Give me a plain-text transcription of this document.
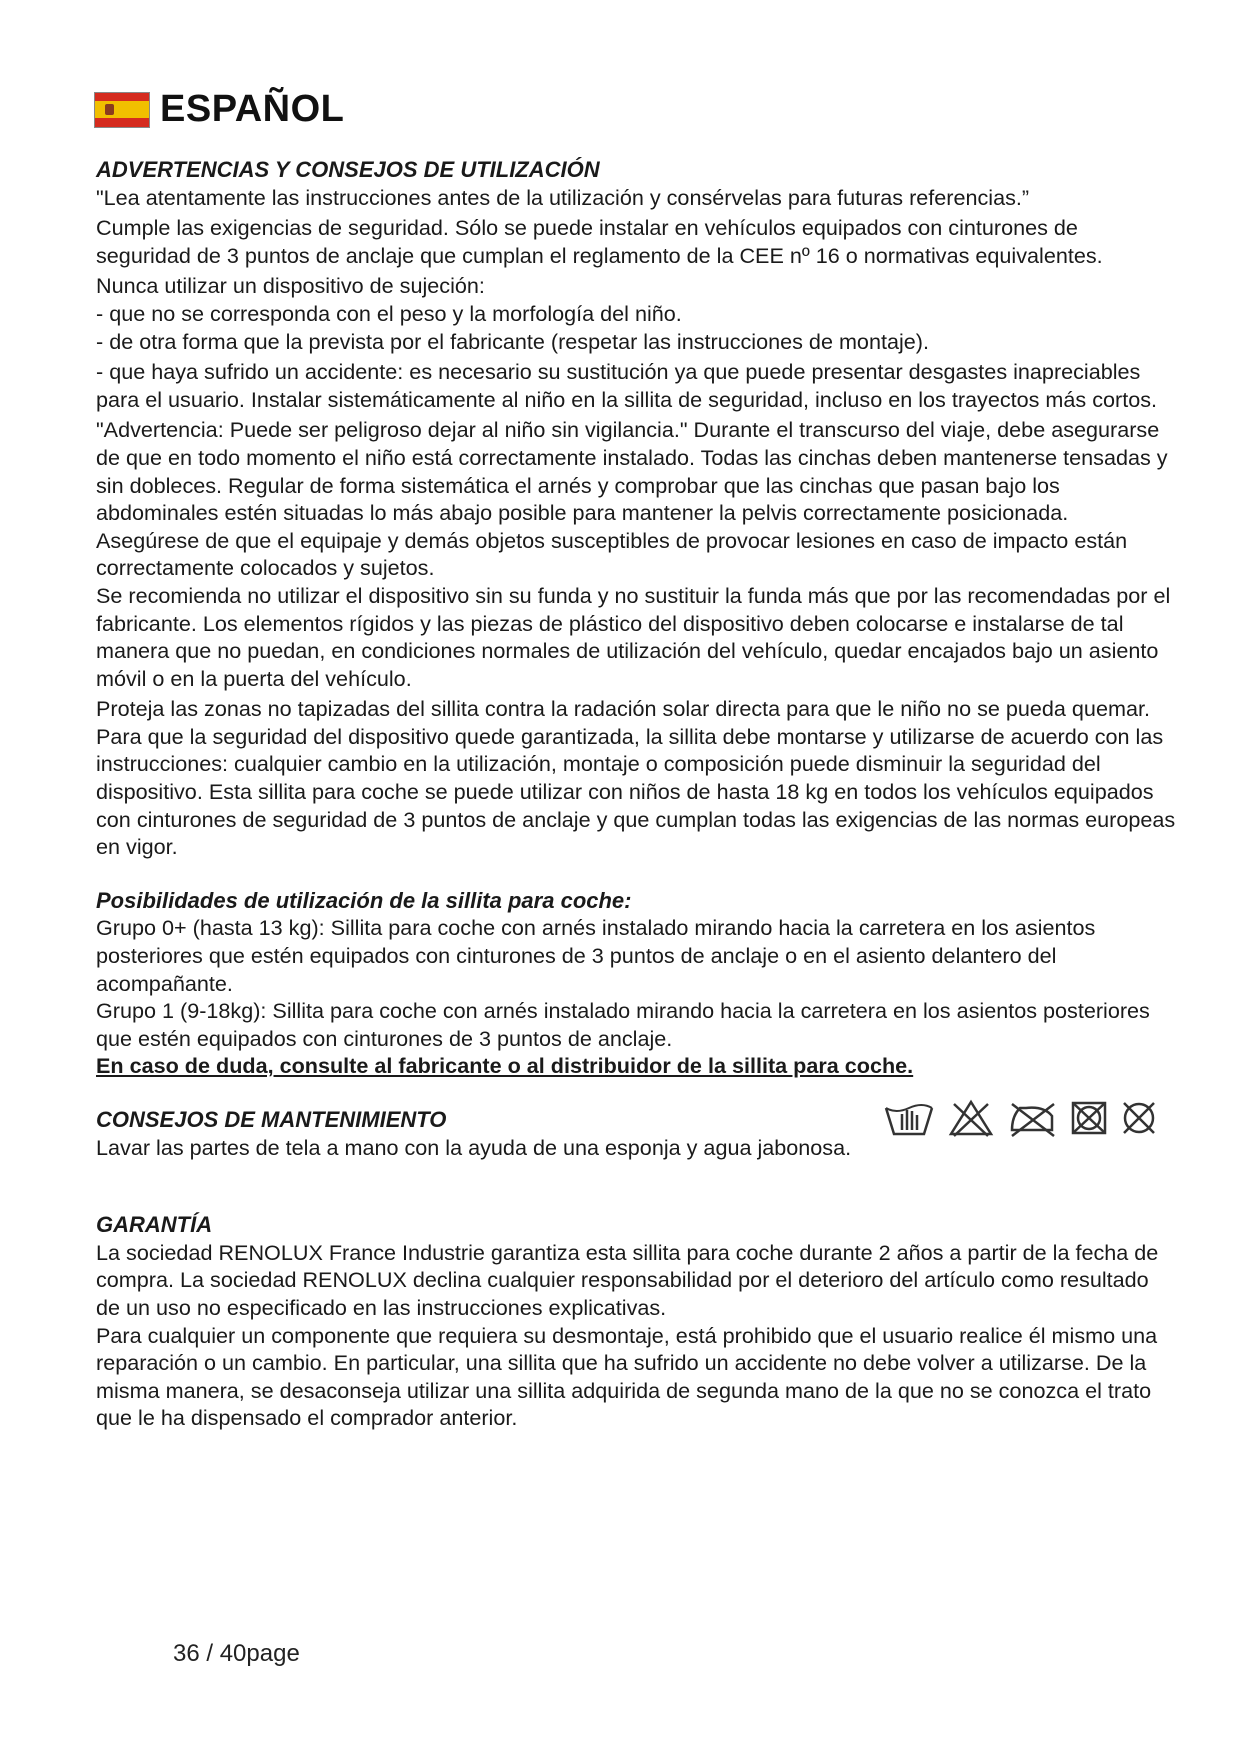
ESPAÑOL
ADVERTENCIAS Y CONSEJOS DE UTILIZACIÓN

"Lea atentamente las instrucciones antes de la utilización y consérvelas para futuras referencias.”

Cumple las exigencias de seguridad. Sólo se puede instalar en vehículos equipados con cinturones de seguridad de 3 puntos de anclaje que cumplan el reglamento de la CEE nº 16 o normativas equivalentes.

Nunca utilizar un dispositivo de sujeción:

- que no se corresponda con el peso y la morfología del niño.

- de otra forma que la prevista por el fabricante (respetar las instrucciones de montaje).

- que haya sufrido un accidente: es necesario su sustitución ya que puede presentar desgastes inapreciables para el usuario. Instalar sistemáticamente al niño en la sillita de seguridad, incluso en los trayectos más cortos.

"Advertencia: Puede ser peligroso dejar al niño sin vigilancia." Durante el transcurso del viaje, debe asegurarse de que en todo momento el niño está correctamente instalado. Todas las cinchas deben mantenerse tensadas y sin dobleces. Regular de forma sistemática el arnés y comprobar que las cinchas que pasan bajo los abdominales estén situadas lo más abajo posible para mantener la pelvis correctamente posicionada. Asegúrese de que el equipaje y demás objetos susceptibles de provocar lesiones en caso de impacto están correctamente colocados y sujetos.

Se recomienda no utilizar el dispositivo sin su funda y no sustituir la funda más que por las recomendadas por el fabricante. Los elementos rígidos y las piezas de plástico del dispositivo deben colocarse e instalarse de tal manera que no puedan, en condiciones normales de utilización del vehículo, quedar encajados bajo un asiento móvil o en la puerta del vehículo.

Proteja las zonas no tapizadas del sillita contra la radación solar directa para que le niño no se pueda quemar. Para que la seguridad del dispositivo quede garantizada, la sillita debe montarse y utilizarse de acuerdo con las instrucciones: cualquier cambio en la utilización, montaje o composición puede disminuir la seguridad del dispositivo. Esta sillita para coche se puede utilizar con niños de hasta 18 kg en todos los vehículos equipados con cinturones de seguridad de 3 puntos de anclaje y que cumplan todas las exigencias de las normas europeas en vigor.

Posibilidades de utilización de la sillita para coche:

Grupo 0+ (hasta 13 kg): Sillita para coche con arnés instalado mirando hacia la carretera en los asientos posteriores que estén equipados con cinturones de 3 puntos de anclaje o en el asiento delantero del acompañante.

Grupo 1 (9-18kg): Sillita para coche con arnés instalado mirando hacia la carretera en los asientos posteriores que estén equipados con cinturones de 3 puntos de anclaje.

En caso de duda, consulte al fabricante o al distribuidor de la sillita para coche.

CONSEJOS DE MANTENIMIENTO

Lavar las partes de tela a mano con la ayuda de una esponja y agua jabonosa.

GARANTÍA

La sociedad RENOLUX France Industrie garantiza esta sillita para coche durante 2 años a partir de la fecha de compra. La sociedad RENOLUX declina cualquier responsabilidad por el deterioro del artículo como resultado de un uso no especificado en las instrucciones explicativas.

Para cualquier un componente que requiera su desmontaje, está prohibido que el usuario realice él mismo una reparación o un cambio. En particular, una sillita que ha sufrido un accidente no debe volver a utilizarse. De la misma manera, se desaconseja utilizar una sillita adquirida de segunda mano de la que no se conozca el trato que le ha dispensado el comprador anterior.

36 / 40page
